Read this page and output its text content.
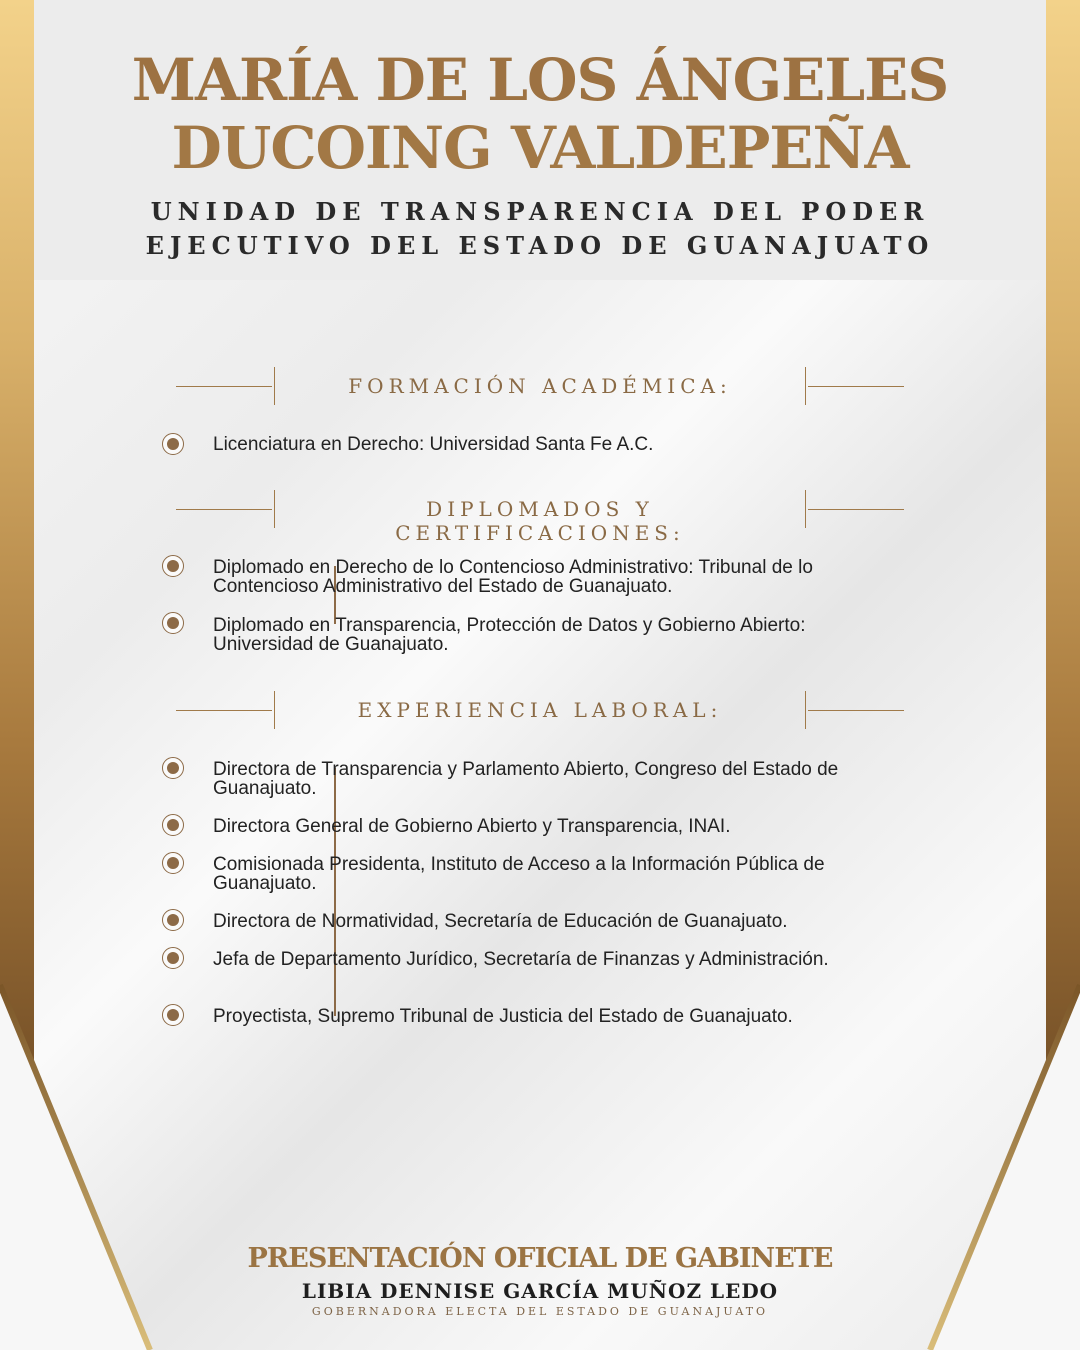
MARÍA DE LOS ÁNGELES
DUCOING VALDEPEÑA
UNIDAD DE TRANSPARENCIA DEL PODER
EJECUTIVO DEL ESTADO DE GUANAJUATO
FORMACIÓN ACADÉMICA:
Licenciatura en Derecho: Universidad Santa Fe A.C.
DIPLOMADOS Y CERTIFICACIONES:
Diplomado en Derecho de lo Contencioso Administrativo: Tribunal de lo Contencioso Administrativo del Estado de Guanajuato.
Diplomado en Transparencia, Protección de Datos y Gobierno Abierto: Universidad de Guanajuato.
EXPERIENCIA LABORAL:
Directora de Transparencia y Parlamento Abierto, Congreso del Estado de Guanajuato.
Directora General de Gobierno Abierto y Transparencia, INAI.
Comisionada Presidenta, Instituto de Acceso a la Información Pública de Guanajuato.
Directora de Normatividad, Secretaría de Educación de Guanajuato.
Jefa de Departamento Jurídico, Secretaría de Finanzas y Administración.
Proyectista, Supremo Tribunal de Justicia del Estado de Guanajuato.
PRESENTACIÓN OFICIAL DE GABINETE
LIBIA DENNISE GARCÍA MUÑOZ LEDO
GOBERNADORA ELECTA DEL ESTADO DE GUANAJUATO
